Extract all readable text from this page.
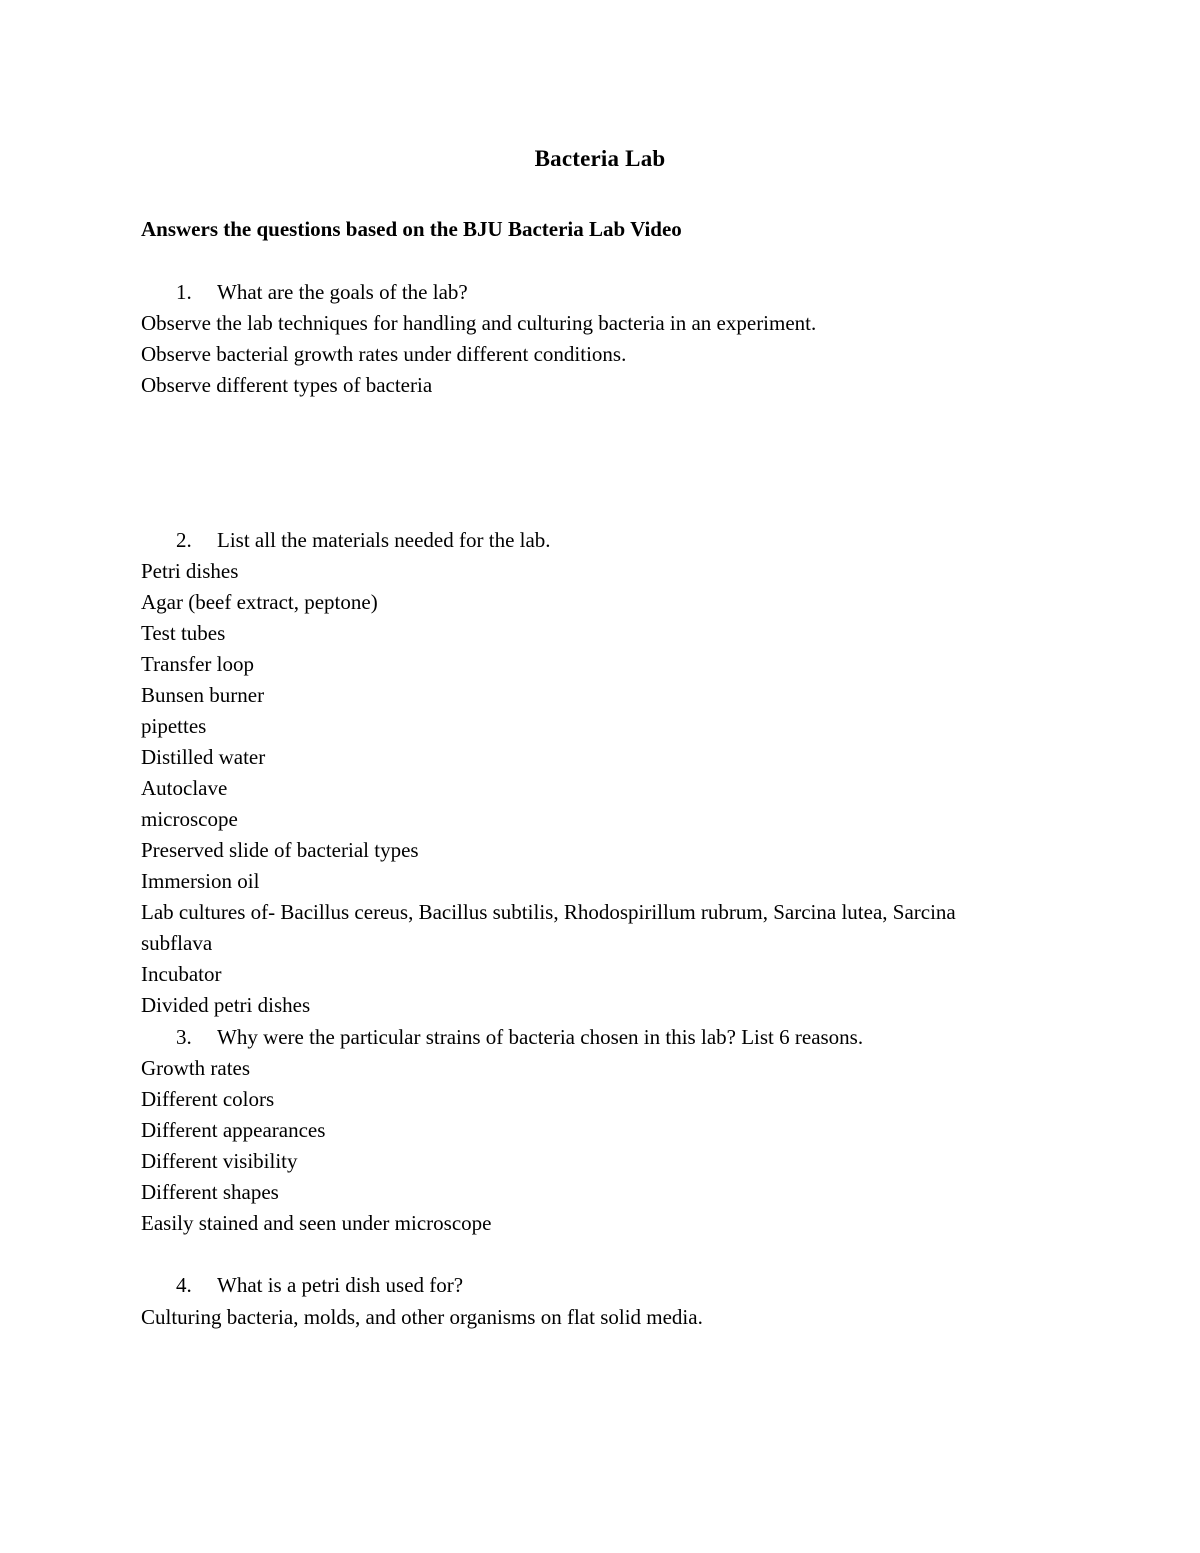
Bacteria Lab
Answers the questions based on the BJU Bacteria Lab Video
1. What are the goals of the lab?
Observe the lab techniques for handling and culturing bacteria in an experiment.
Observe bacterial growth rates under different conditions.
Observe different types of bacteria
2. List all the materials needed for the lab.
Petri dishes
Agar (beef extract, peptone)
Test tubes
Transfer loop
Bunsen burner
pipettes
Distilled water
Autoclave
microscope
Preserved slide of bacterial types
Immersion oil
Lab cultures of- Bacillus cereus, Bacillus subtilis, Rhodospirillum rubrum, Sarcina lutea, Sarcina
subflava
Incubator
Divided petri dishes
3. Why were the particular strains of bacteria chosen in this lab? List 6 reasons.
Growth rates
Different colors
Different appearances
Different visibility
Different shapes
Easily stained and seen under microscope
4. What is a petri dish used for?
Culturing bacteria, molds, and other organisms on flat solid media.
